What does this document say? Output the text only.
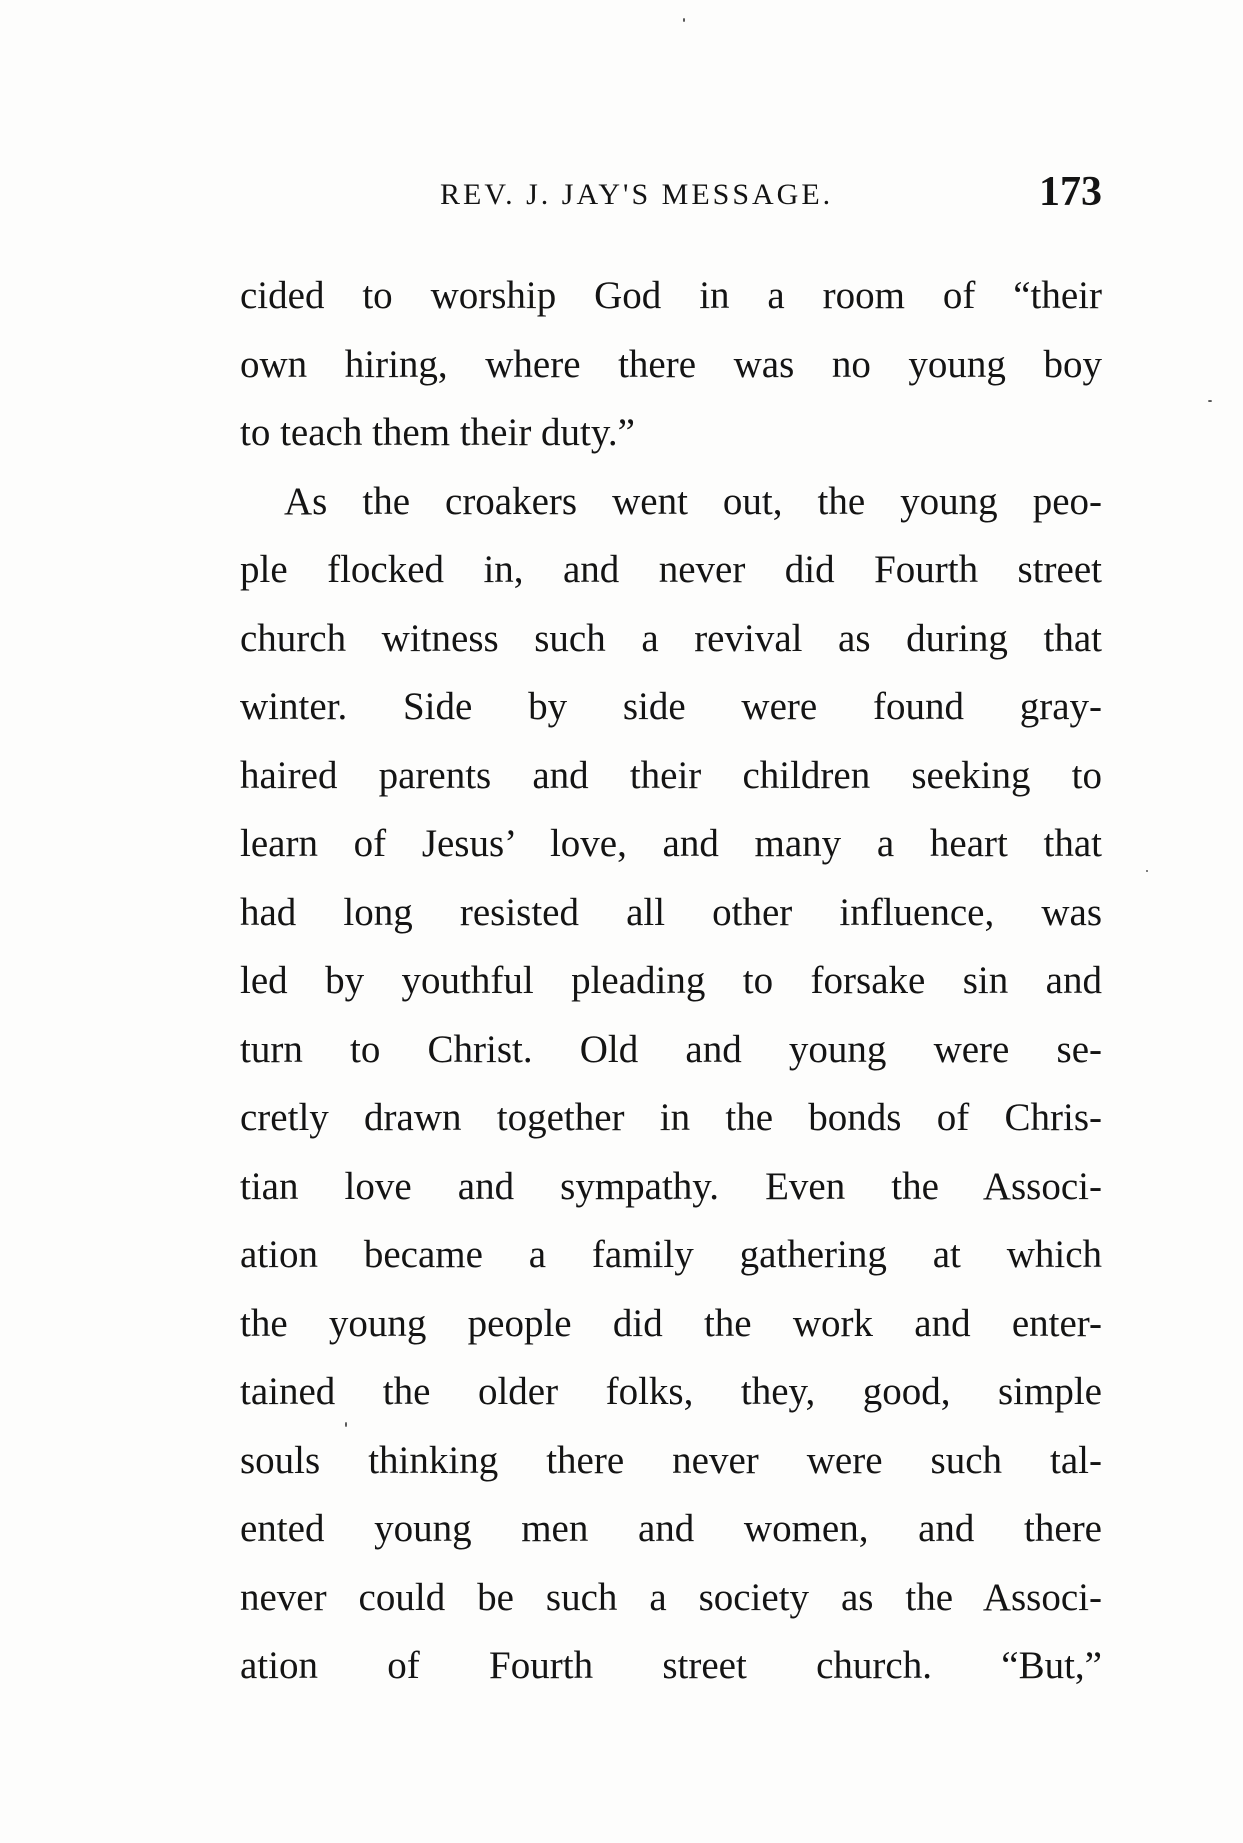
REV. J. JAY'S MESSAGE.	173
cided to worship God in a room of “their
own hiring, where there was no young boy
to teach them their duty.”
As the croakers went out, the young peo-
ple flocked in, and never did Fourth street
church witness such a revival as during that
winter. Side by side were found gray-
haired parents and their children seeking to
learn of Jesus’ love, and many a heart that
had long resisted all other influence, was
led by youthful pleading to forsake sin and
turn to Christ. Old and young were se-
cretly drawn together in the bonds of Chris-
tian love and sympathy. Even the Associ-
ation became a family gathering at which
the young people did the work and enter-
tained the older folks, they, good, simple
souls thinking there never were such tal-
ented young men and women, and there
never could be such a society as the Associ-
ation of Fourth street church. “But,”
